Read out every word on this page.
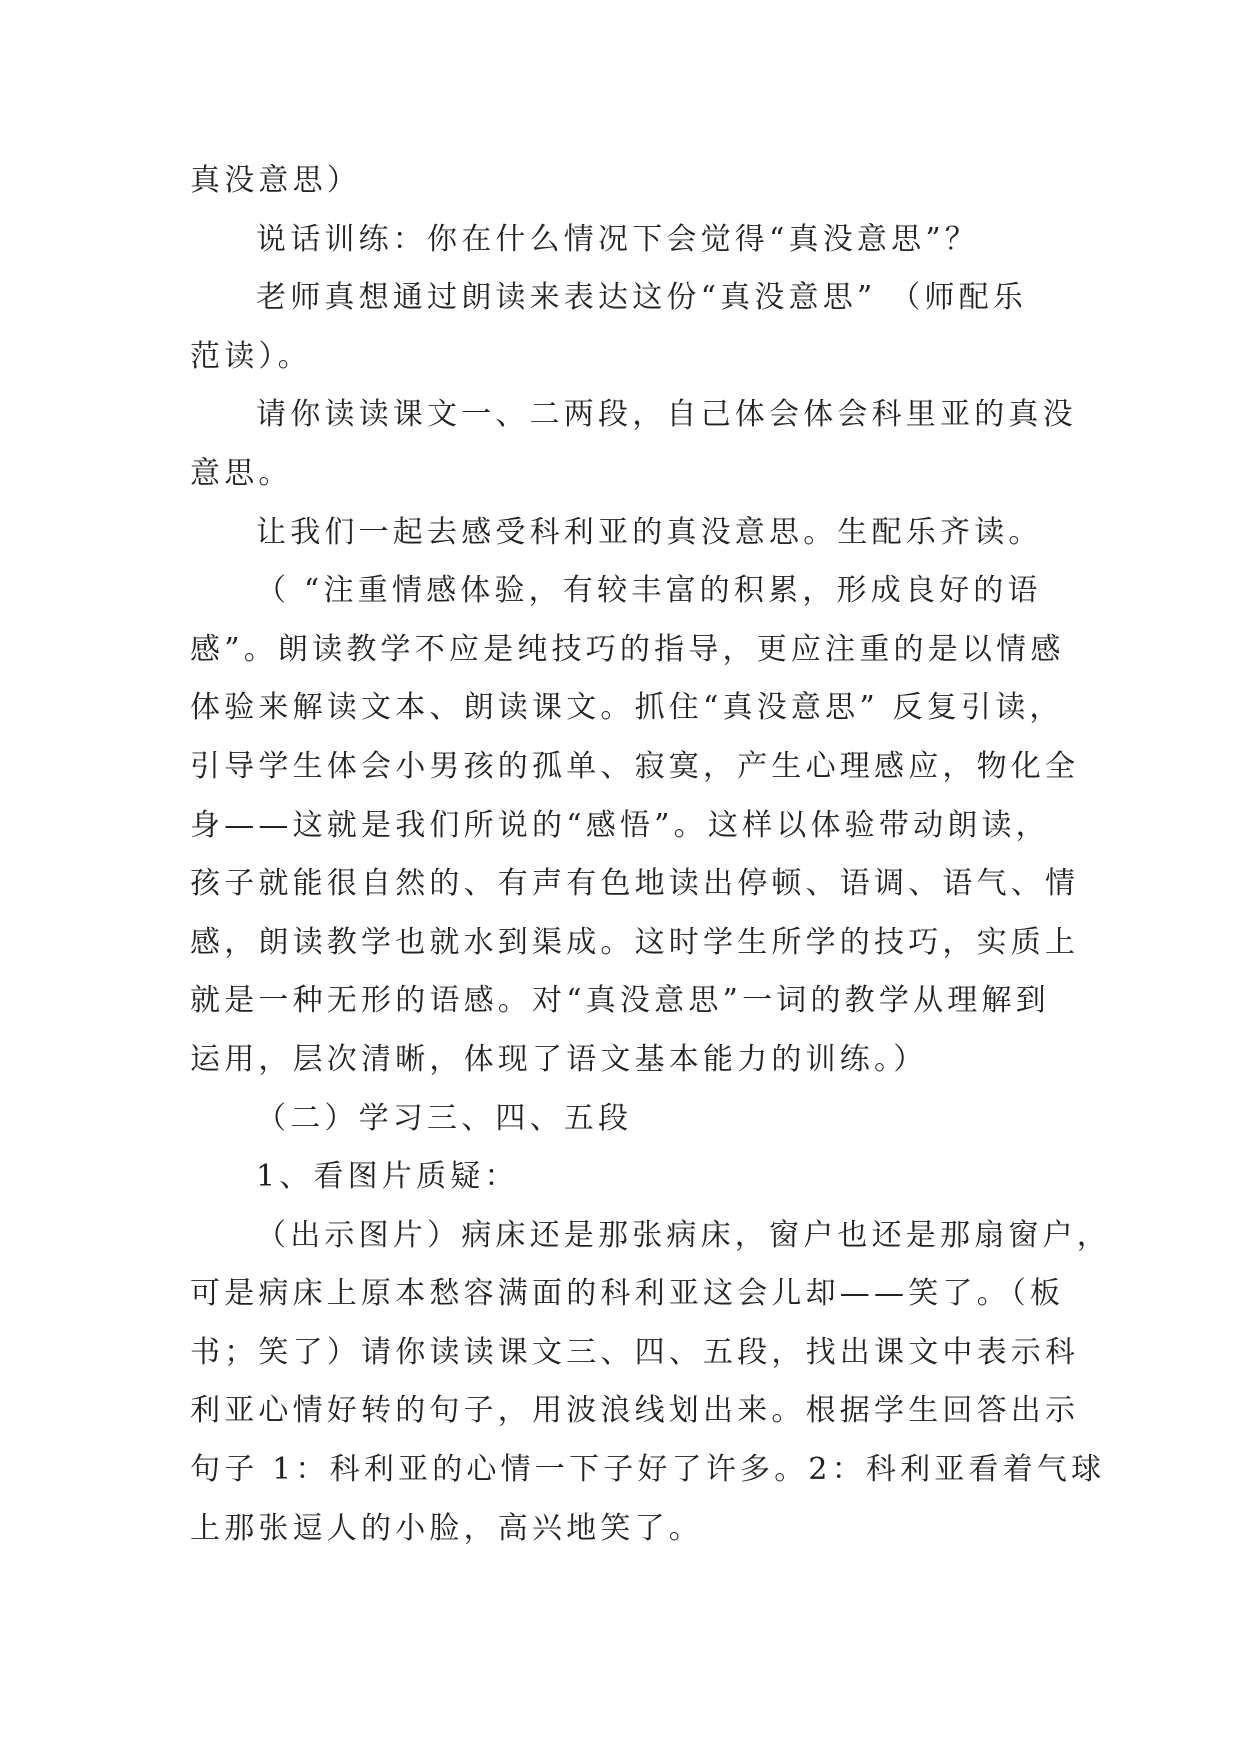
真没意思）
说话训练：你在什么情况下会觉得“真没意思”？
老师真想通过朗读来表达这份“真没意思” （师配乐
范读）。
请你读读课文一、二两段，自己体会体会科里亚的真没
意思。
让我们一起去感受科利亚的真没意思。生配乐齐读。
（ “注重情感体验，有较丰富的积累，形成良好的语
感”。朗读教学不应是纯技巧的指导，更应注重的是以情感
体验来解读文本、朗读课文。抓住“真没意思” 反复引读，
引导学生体会小男孩的孤单、寂寞，产生心理感应，物化全
身——这就是我们所说的“感悟”。这样以体验带动朗读，
孩子就能很自然的、有声有色地读出停顿、语调、语气、情
感，朗读教学也就水到渠成。这时学生所学的技巧，实质上
就是一种无形的语感。对“真没意思”一词的教学从理解到
运用，层次清晰，体现了语文基本能力的训练。）
（二）学习三、四、五段
1、看图片质疑：
（出示图片）病床还是那张病床，窗户也还是那扇窗户，
可是病床上原本愁容满面的科利亚这会儿却——笑了。（板
书；笑了）请你读读课文三、四、五段，找出课文中表示科
利亚心情好转的句子，用波浪线划出来。根据学生回答出示
句子 1：科利亚的心情一下子好了许多。2：科利亚看着气球
上那张逗人的小脸，高兴地笑了。
